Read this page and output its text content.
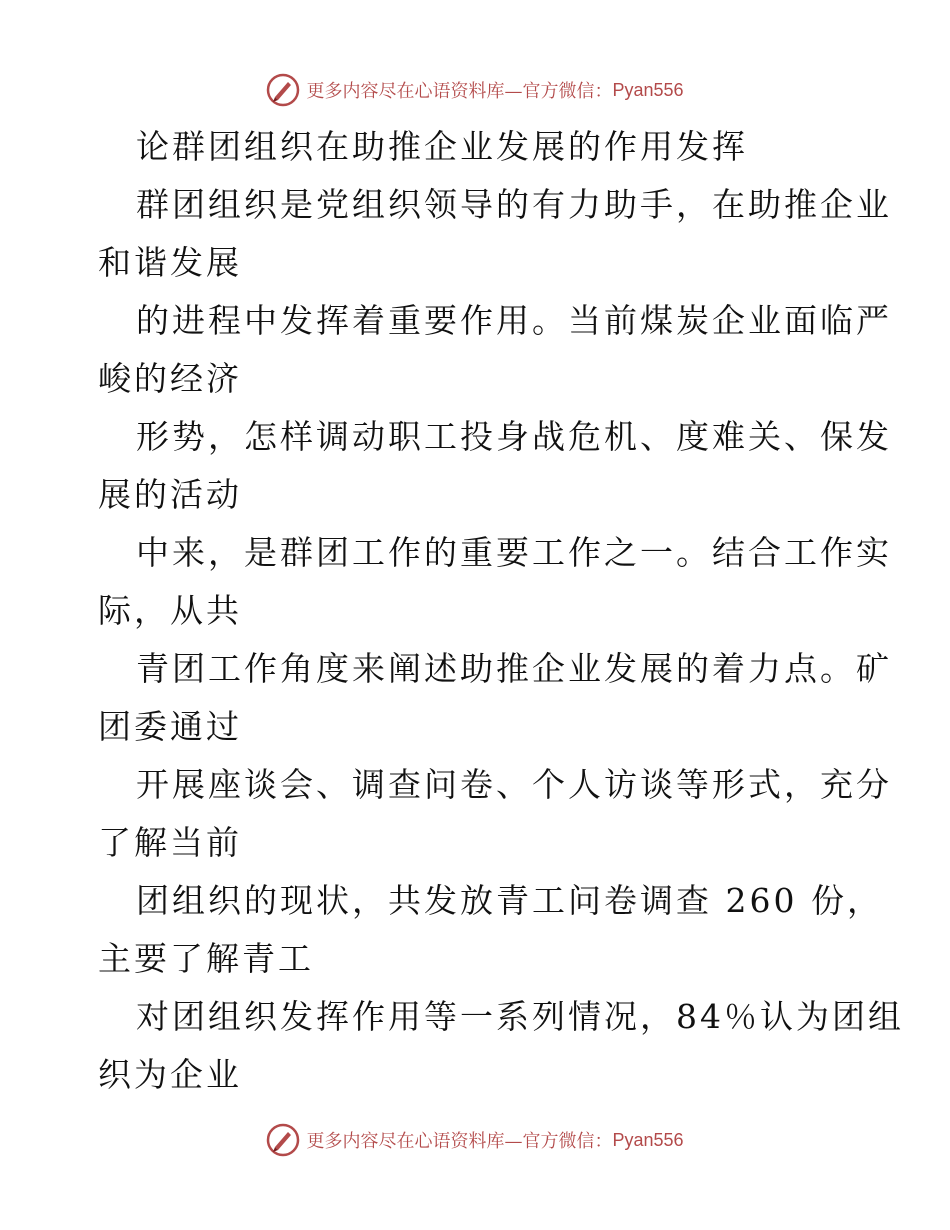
更多内容尽在心语资料库—官方微信： Pyan556
论群团组织在助推企业发展的作用发挥
群团组织是党组织领导的有力助手，在助推企业
和谐发展
的进程中发挥着重要作用。当前煤炭企业面临严
峻的经济
形势，怎样调动职工投身战危机、度难关、保发
展的活动
中来，是群团工作的重要工作之一。结合工作实
际，从共
青团工作角度来阐述助推企业发展的着力点。矿
团委通过
开展座谈会、调查问卷、个人访谈等形式，充分
了解当前
团组织的现状，共发放青工问卷调查 260 份，
主要了解青工
对团组织发挥作用等一系列情况，84％认为团组
织为企业
更多内容尽在心语资料库—官方微信： Pyan556
